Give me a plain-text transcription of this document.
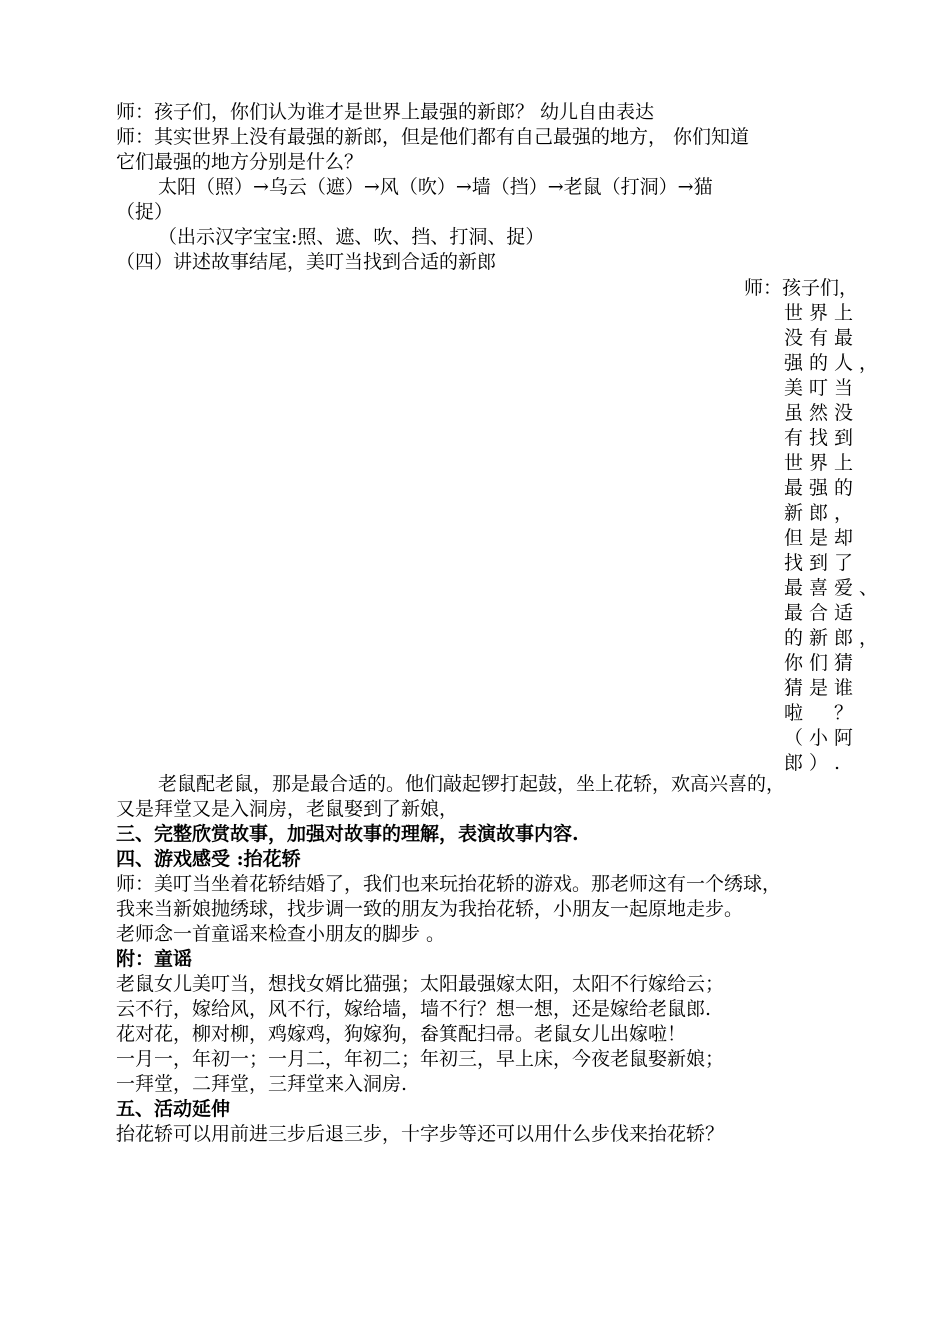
师：孩子们，你们认为谁才是世界上最强的新郎？ 幼儿自由表达
师：其实世界上没有最强的新郎，但是他们都有自己最强的地方， 你们知道
它们最强的地方分别是什么？
太阳（照）→乌云（遮）→风（吹）→墙（挡）→老鼠（打洞）→猫
（捉）
（出示汉字宝宝:照、遮、吹、挡、打洞、捉）
（四）讲述故事结尾，美叮当找到合适的新郎
师：孩子们，
世界上
没有最
强的人，
美叮当
虽然没
有找到
世界上
最强的
新郎，
但是却
找到了
最喜爱、
最合适
的新郎，
你们猜
猜是谁
啦　？
（小阿
郎）.
老鼠配老鼠，那是最合适的。他们敲起锣打起鼓，坐上花轿，欢高兴喜的，
又是拜堂又是入洞房，老鼠娶到了新娘，
三、完整欣赏故事，加强对故事的理解，表演故事内容.
四、游戏感受 :抬花轿
师：美叮当坐着花轿结婚了，我们也来玩抬花轿的游戏。那老师这有一个绣球，
我来当新娘抛绣球，找步调一致的朋友为我抬花轿，小朋友一起原地走步。
老师念一首童谣来检查小朋友的脚步 。
附：童谣
老鼠女儿美叮当，想找女婿比猫强；太阳最强嫁太阳，太阳不行嫁给云；
云不行，嫁给风，风不行，嫁给墙，墙不行？想一想，还是嫁给老鼠郎.
花对花，柳对柳，鸡嫁鸡，狗嫁狗，畚箕配扫帚。老鼠女儿出嫁啦！
一月一，年初一；一月二，年初二；年初三，早上床，今夜老鼠娶新娘；
一拜堂，二拜堂，三拜堂来入洞房.
五、活动延伸
抬花轿可以用前进三步后退三步，十字步等还可以用什么步伐来抬花轿？
